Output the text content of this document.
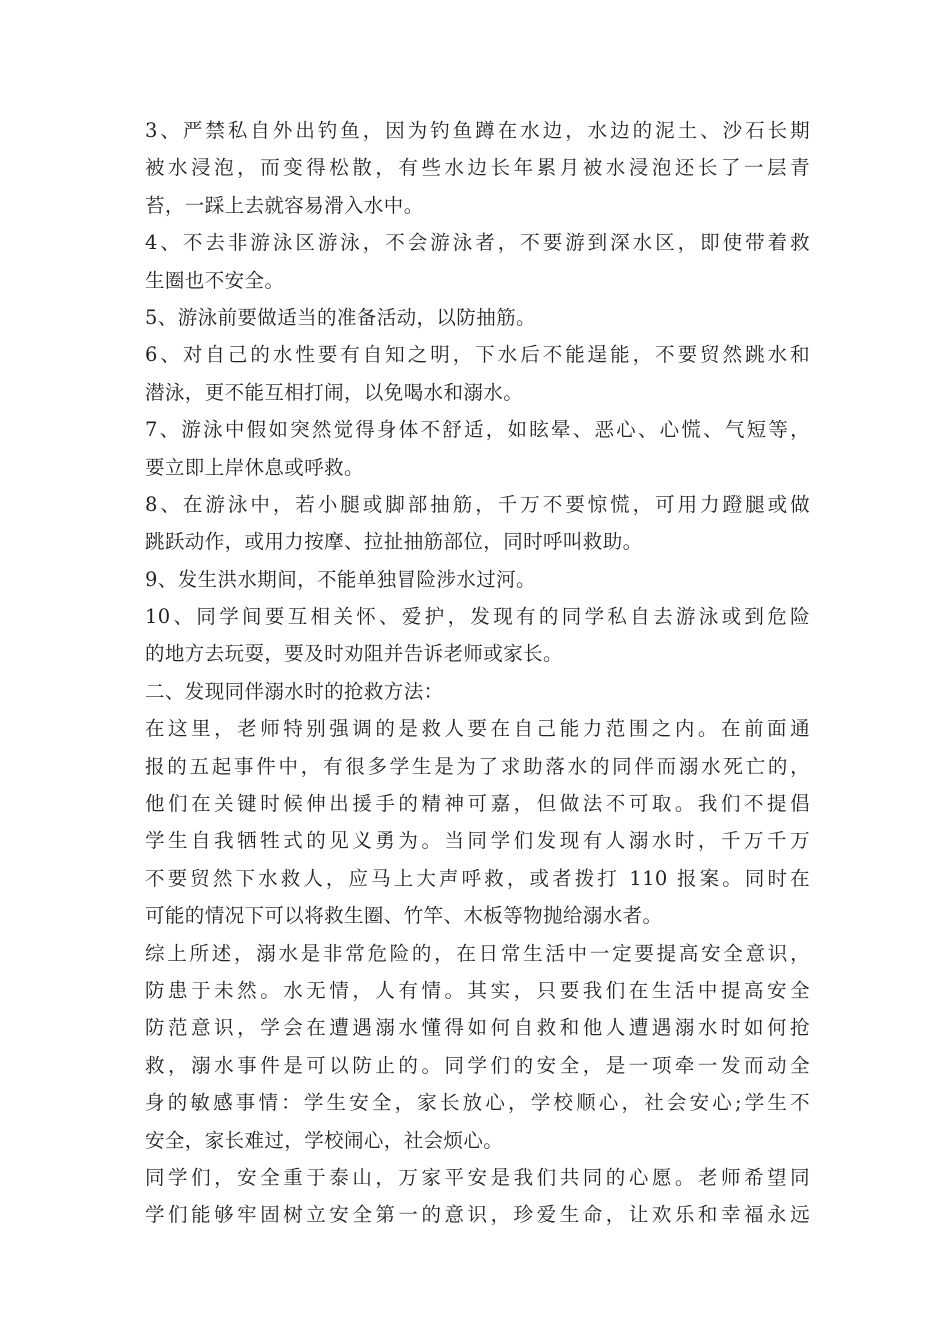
3、严禁私自外出钓鱼，因为钓鱼蹲在水边，水边的泥土、沙石长期
被水浸泡，而变得松散，有些水边长年累月被水浸泡还长了一层青
苔，一踩上去就容易滑入水中。
4、不去非游泳区游泳，不会游泳者，不要游到深水区，即使带着救
生圈也不安全。
5、游泳前要做适当的准备活动，以防抽筋。
6、对自己的水性要有自知之明，下水后不能逞能，不要贸然跳水和
潜泳，更不能互相打闹，以免喝水和溺水。
7、游泳中假如突然觉得身体不舒适，如眩晕、恶心、心慌、气短等，
要立即上岸休息或呼救。
8、在游泳中，若小腿或脚部抽筋，千万不要惊慌，可用力蹬腿或做
跳跃动作，或用力按摩、拉扯抽筋部位，同时呼叫救助。
9、发生洪水期间，不能单独冒险涉水过河。
10、同学间要互相关怀、爱护，发现有的同学私自去游泳或到危险
的地方去玩耍，要及时劝阻并告诉老师或家长。
二、发现同伴溺水时的抢救方法：
在这里，老师特别强调的是救人要在自己能力范围之内。在前面通
报的五起事件中，有很多学生是为了求助落水的同伴而溺水死亡的，
他们在关键时候伸出援手的精神可嘉，但做法不可取。我们不提倡
学生自我牺牲式的见义勇为。当同学们发现有人溺水时，千万千万
不要贸然下水救人，应马上大声呼救，或者拨打 110 报案。同时在
可能的情况下可以将救生圈、竹竿、木板等物抛给溺水者。
综上所述，溺水是非常危险的，在日常生活中一定要提高安全意识，
防患于未然。水无情，人有情。其实，只要我们在生活中提高安全
防范意识，学会在遭遇溺水懂得如何自救和他人遭遇溺水时如何抢
救，溺水事件是可以防止的。同学们的安全，是一项牵一发而动全
身的敏感事情：学生安全，家长放心，学校顺心，社会安心;学生不
安全，家长难过，学校闹心，社会烦心。
同学们，安全重于泰山，万家平安是我们共同的心愿。老师希望同
学们能够牢固树立安全第一的意识，珍爱生命，让欢乐和幸福永远
